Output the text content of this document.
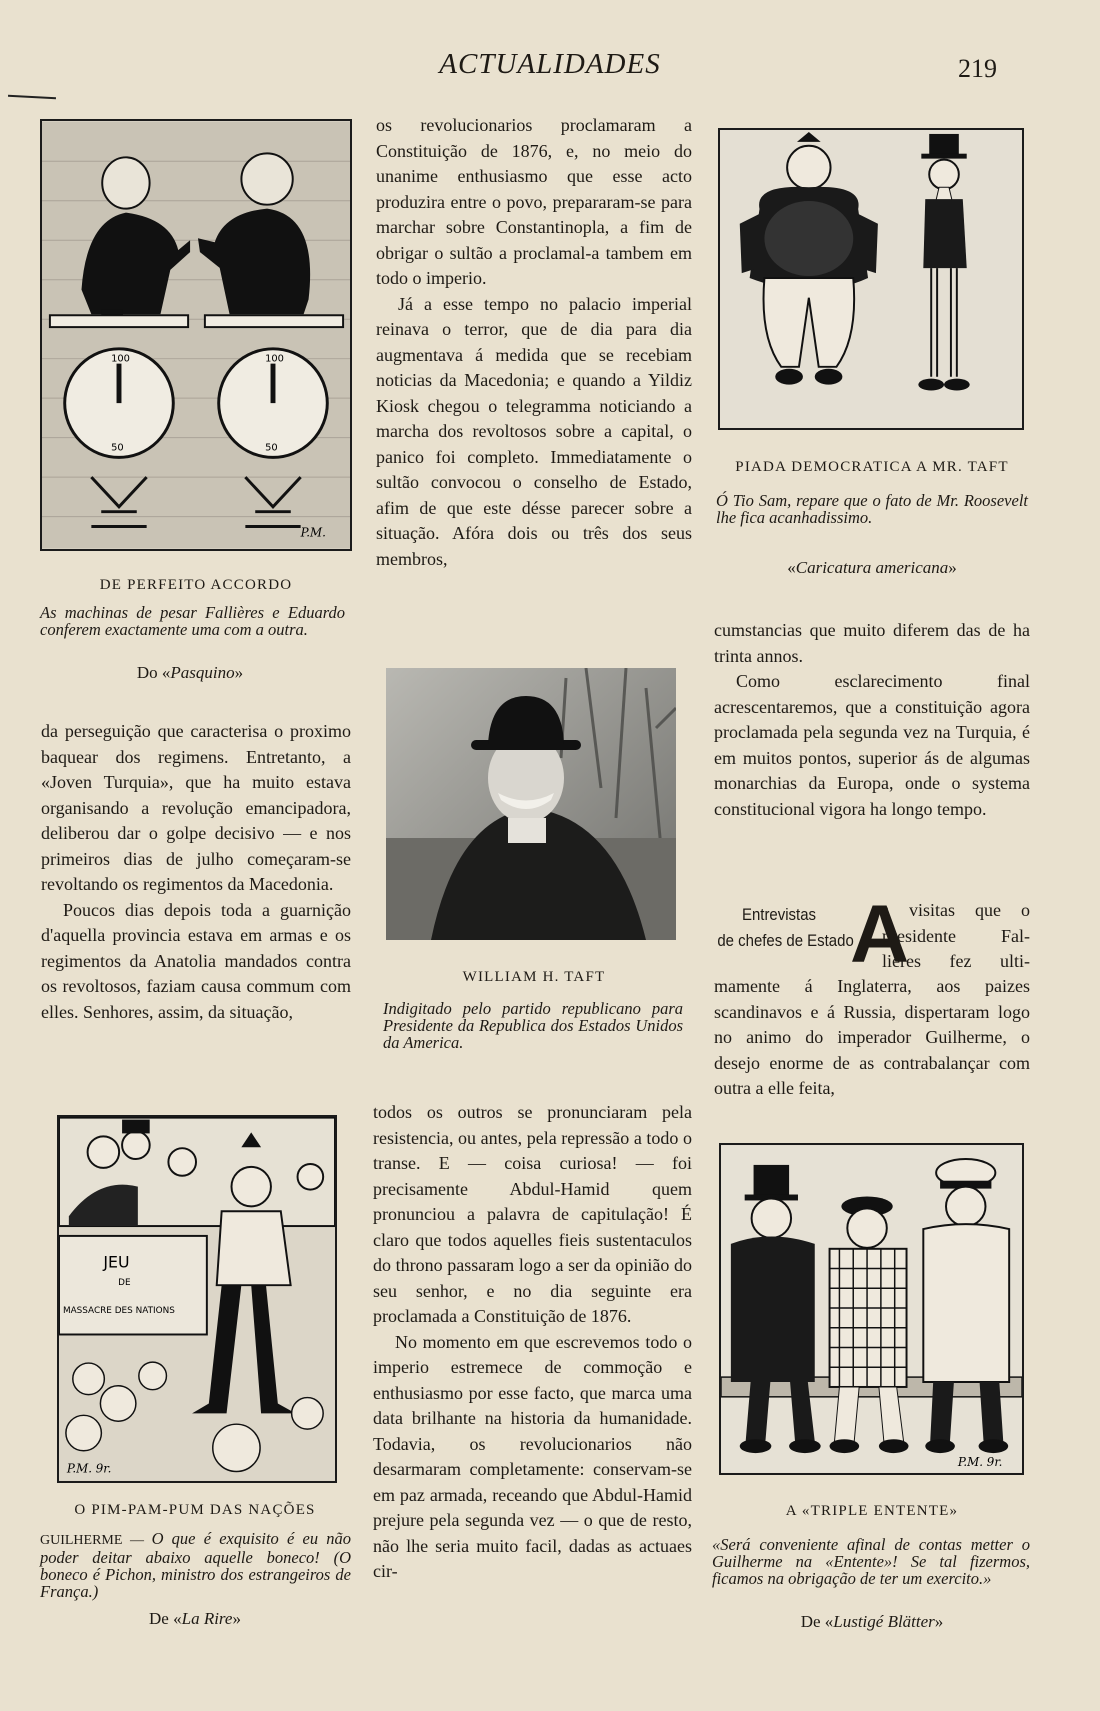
ACTUALIDADES	219
100	100
50	50
P.M.
DE PERFEITO ACCORDO
As machinas de pesar Fallières e Eduardo conferem exactamente uma com a outra.
Do «Pasquino»

da perseguição que caracterisa o proximo baquear dos regimens. Entretanto, a «Joven Turquia», que ha muito estava organisando a revolução emancipadora, deliberou dar o golpe decisivo — e nos primeiros dias de julho começaram-se revoltando os regimentos da Macedonia.

Poucos dias depois toda a guarnição d'aquella provincia estava em armas e os regimentos da Anatolia mandados contra os revoltosos, faziam causa commum com elles. Senhores, assim, da situação,

JEU
DE
MASSACRE DES NATIONS
P.M. 9r.
O PIM-PAM-PUM DAS NAÇÕES
GUILHERME — O que é exquisito é eu não poder deitar abaixo aquelle boneco! (O boneco é Pichon, ministro dos estrangeiros de França.)
De «La Rire»

os revolucionarios proclamaram a Constituição de 1876, e, no meio do unanime enthusiasmo que esse acto produzira entre o povo, prepararam-se para marchar sobre Constantinopla, a fim de obrigar o sultão a proclamal-a tambem em todo o imperio.

Já a esse tempo no palacio imperial reinava o terror, que de dia para dia augmentava á medida que se recebiam noticias da Macedonia; e quando a Yildiz Kiosk chegou o telegramma noticiando a marcha dos revoltosos sobre a capital, o panico foi completo. Immediatamente o sultão convocou o conselho de Estado, afim de que este désse parecer sobre a situação. Afóra dois ou três dos seus membros,

WILLIAM H. TAFT
Indigitado pelo partido republicano para Presidente da Republica dos Estados Unidos da America.

todos os outros se pronunciaram pela resistencia, ou antes, pela repressão a todo o transe. E — coisa curiosa! — foi precisamente Abdul-Hamid quem pronunciou a palavra de capitulação! É claro que todos aquelles fieis sustentaculos do throno passaram logo a ser da opinião do seu senhor, e no dia seguinte era proclamada a Constituição de 1876.

No momento em que escrevemos todo o imperio estremece de commoção e enthusiasmo por esse facto, que marca uma data brilhante na historia da humanidade. Todavia, os revolucionarios não desarmaram completamente: conservam-se em paz armada, receando que Abdul-Hamid prejure pela segunda vez — o que de resto, não lhe seria muito facil, dadas as actuaes cir-

PIADA DEMOCRATICA A MR. TAFT
Ó Tio Sam, repare que o fato de Mr. Roosevelt lhe fica acanhadissimo.
«Caricatura americana»

cumstancias que muito diferem das de ha trinta annos.

Como esclarecimento final acrescentaremos, que a constituição agora proclamada pela segunda vez na Turquia, é em muitos pontos, superior ás de algumas monarchias da Europa, onde o systema constitucional vigora ha longo tempo.

Entrevistas
de chefes de Estado
A
s visitas que o
presidente Fal-
lières fez ulti-

mamente á Inglaterra, aos paizes scandinavos e á Russia, dispertaram logo no animo do imperador Guilherme, o desejo enorme de as contrabalançar com outra a elle feita,

P.M. 9r.
A «TRIPLE ENTENTE»
«Será conveniente afinal de contas metter o Guilherme na «Entente»! Se tal fizermos, ficamos na obrigação de ter um exercito.»
De «Lustigé Blätter»
